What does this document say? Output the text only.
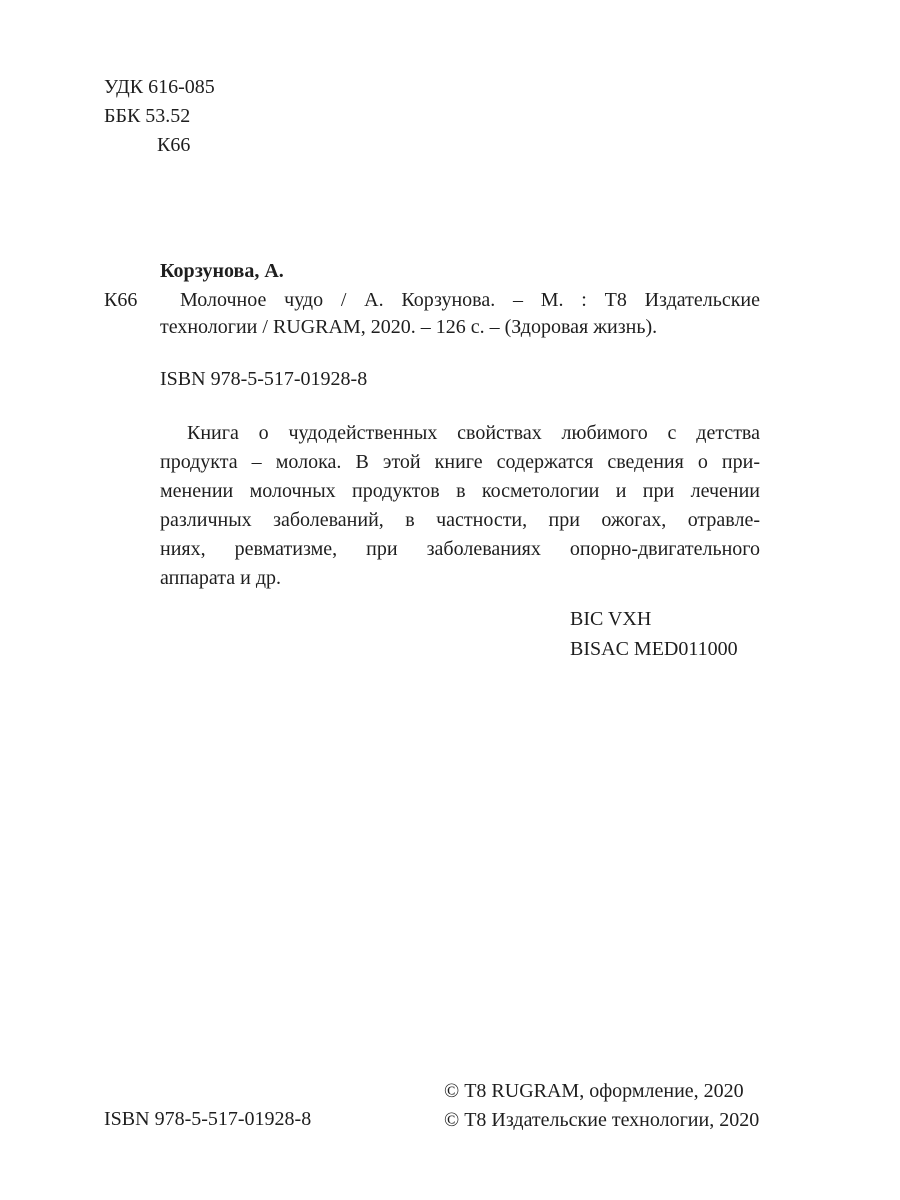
УДК 616-085
ББК 53.52
К66
Корзунова, А.
К66	Молочное чудо / А. Корзунова. – М. : Т8 Издательские
технологии / RUGRAM, 2020. – 126 с. – (Здоровая жизнь).
ISBN 978-5-517-01928-8
Книга о чудодейственных свойствах любимого с детства
продукта – молока. В этой книге содержатся сведения о при-
менении молочных продуктов в косметологии и при лечении
различных заболеваний, в частности, при ожогах, отравле-
ниях, ревматизме, при заболеваниях опорно-двигательного
аппарата и др.
BIC VXH
BISAC MED011000
© Т8 RUGRAM, оформление, 2020
© Т8 Издательские технологии, 2020
ISBN 978-5-517-01928-8
